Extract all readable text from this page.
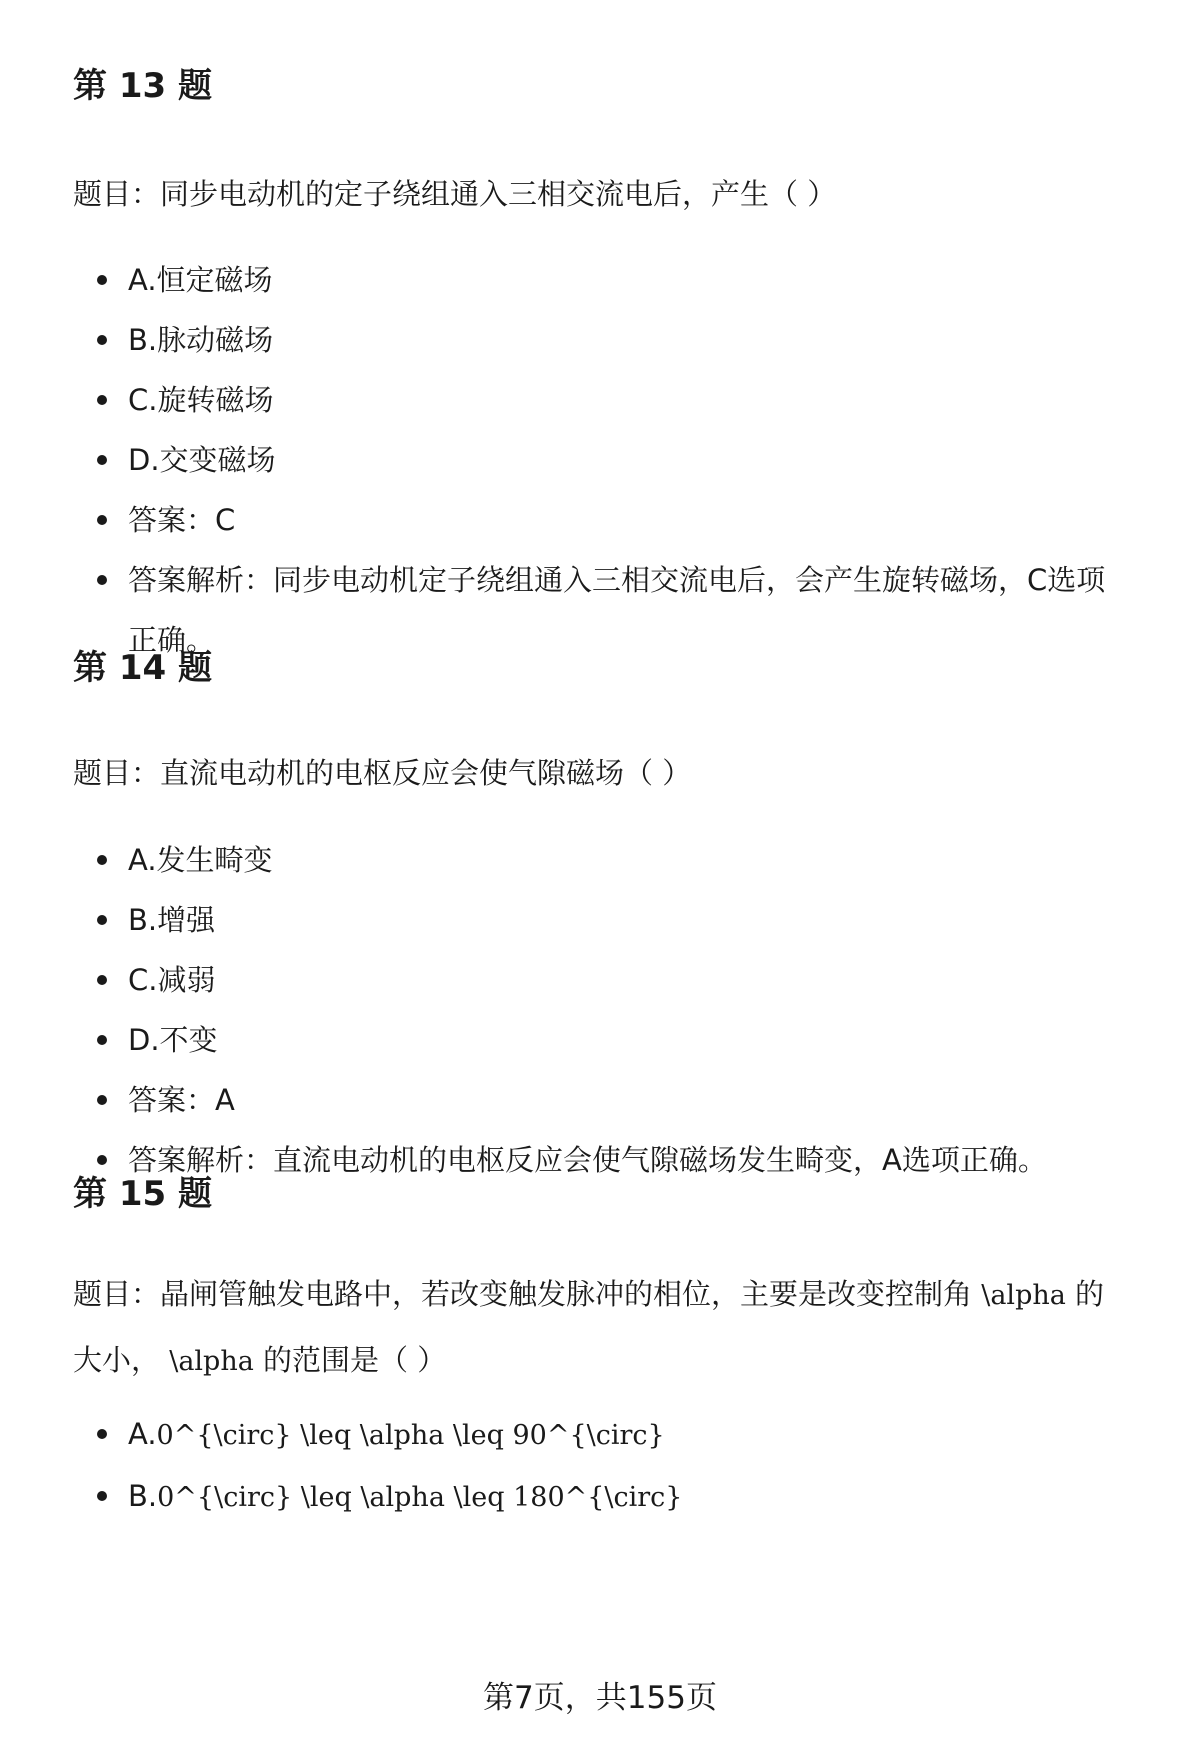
第 13 题

题目：同步电动机的定子绕组通入三相交流电后，产生（ ）

A.恒定磁场
B.脉动磁场
C.旋转磁场
D.交变磁场
答案：C
答案解析：同步电动机定子绕组通入三相交流电后，会产生旋转磁场，C选项正确。
第 14 题

题目：直流电动机的电枢反应会使气隙磁场（ ）

A.发生畸变
B.增强
C.减弱
D.不变
答案：A
答案解析：直流电动机的电枢反应会使气隙磁场发生畸变，A选项正确。
第 15 题

题目：晶闸管触发电路中，若改变触发脉冲的相位，主要是改变控制角 \alpha 的大小， \alpha 的范围是（ ）

A.0^{\circ} \leq \alpha \leq 90^{\circ}
B.0^{\circ} \leq \alpha \leq 180^{\circ}
第7页，共155页
